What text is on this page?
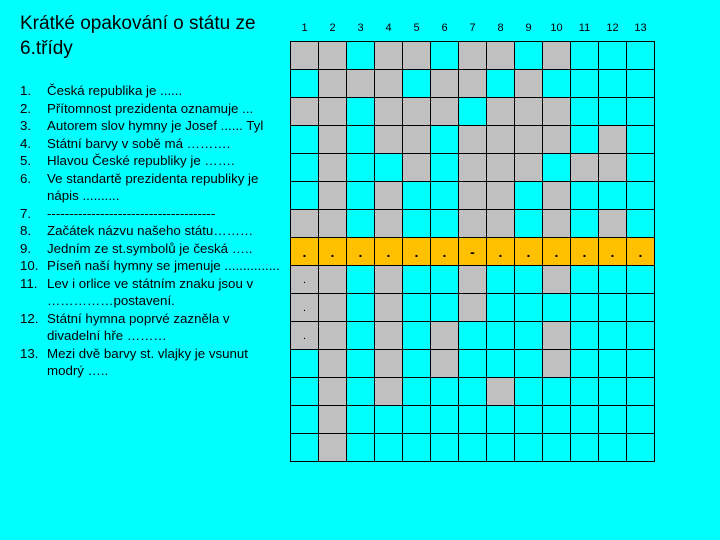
Krátké opakování o státu ze 6.třídy
1. Česká republika je ......
2. Přítomnost prezidenta oznamuje ...
3. Autorem slov hymny je Josef ...... Tyl
4. Státní barvy v sobě má ……….
5. Hlavou České republiky je …….
6. Ve standartě prezidenta republiky je nápis ..........
7. --------------------------------------
8. Začátek názvu našeho státu………
9. Jedním ze st.symbolů je česká …..
10. Píseň naší hymny se jmenuje ...............
11. Lev i orlice ve státním znaku jsou v ……………postavení.
12. Státní hymna poprvé zazněla v divadelní hře ………
13. Mezi dvě barvy st. vlajky je vsunut modrý …..
1	2	3	4	5	6	7	8	9	10	11	12	13

.	.	.	.	.	.	-	.	.	.	.	.	.
.												
.												
.												
